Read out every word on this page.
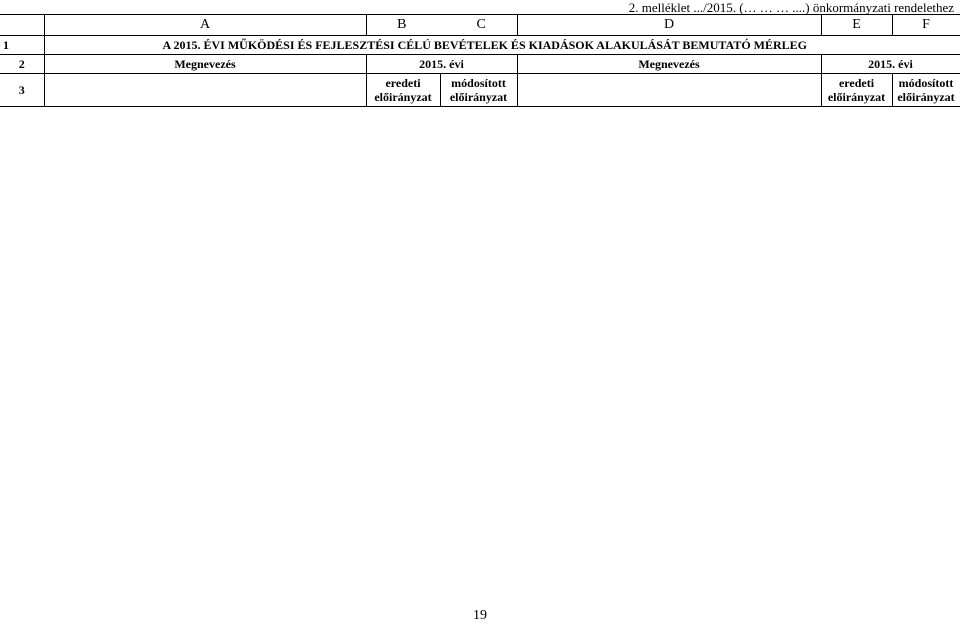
2. melléklet .../2015. (… … … ....) önkormányzati rendelethez
	A	B C		D	E	F
1	A 2015. ÉVI MŰKÖDÉSI ÉS FEJLESZTÉSI CÉLÚ BEVÉTELEK ÉS KIADÁSOK ALAKULÁSÁT BEMUTATÓ MÉRLEG					
2	Megnevezés	2015. évi		Megnevezés	2015. évi	
3		eredeti előirányzat	módosított előirányzat		eredeti előirányzat	módosított előirányzat
19
